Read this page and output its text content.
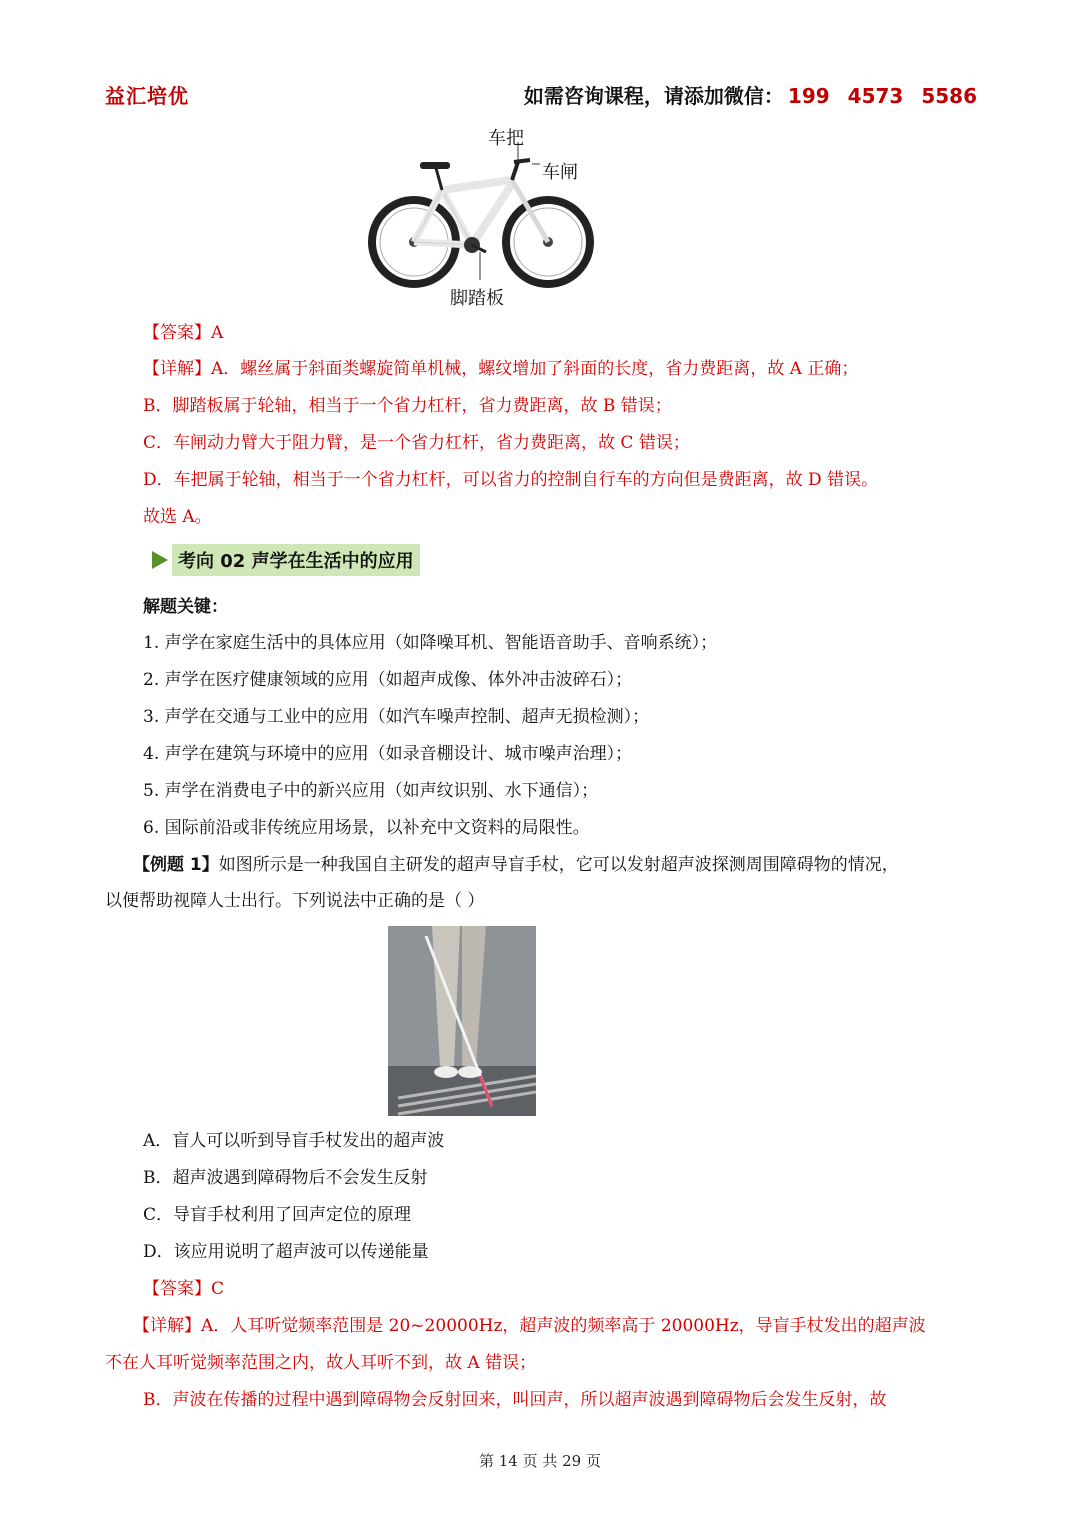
益汇培优	如需咨询课程，请添加微信： 199 4573 5586
车把
车闸
脚踏板
【答案】A
【详解】A．螺丝属于斜面类螺旋简单机械，螺纹增加了斜面的长度，省力费距离，故 A 正确；
B．脚踏板属于轮轴，相当于一个省力杠杆，省力费距离，故 B 错误；
C．车闸动力臂大于阻力臂，是一个省力杠杆，省力费距离，故 C 错误；
D．车把属于轮轴，相当于一个省力杠杆，可以省力的控制自行车的方向但是费距离，故 D 错误。
故选 A。
考向 02 声学在生活中的应用
解题关键：
1. 声学在家庭生活中的具体应用（如降噪耳机、智能语音助手、音响系统）；
2. 声学在医疗健康领域的应用（如超声成像、体外冲击波碎石）；
3. 声学在交通与工业中的应用（如汽车噪声控制、超声无损检测）；
4. 声学在建筑与环境中的应用（如录音棚设计、城市噪声治理）；
5. 声学在消费电子中的新兴应用（如声纹识别、水下通信）；
6. 国际前沿或非传统应用场景，以补充中文资料的局限性。
【例题 1】如图所示是一种我国自主研发的超声导盲手杖，它可以发射超声波探测周围障碍物的情况，
以便帮助视障人士出行。下列说法中正确的是（ ）
A．盲人可以听到导盲手杖发出的超声波
B．超声波遇到障碍物后不会发生反射
C．导盲手杖利用了回声定位的原理
D．该应用说明了超声波可以传递能量
【答案】C
【详解】A．人耳听觉频率范围是 20~20000Hz，超声波的频率高于 20000Hz，导盲手杖发出的超声波
不在人耳听觉频率范围之内，故人耳听不到，故 A 错误；
B．声波在传播的过程中遇到障碍物会反射回来，叫回声，所以超声波遇到障碍物后会发生反射，故
第 14 页 共 29 页
